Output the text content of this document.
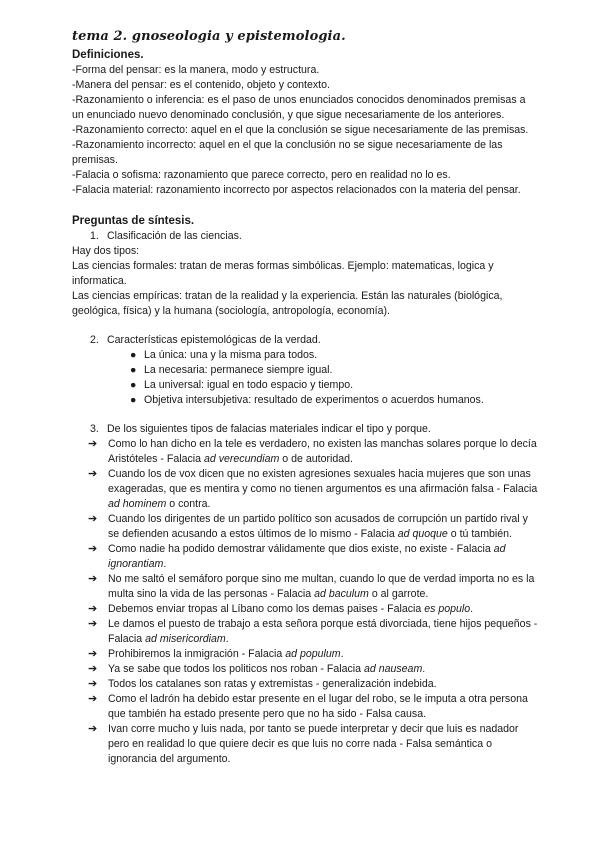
tema 2. gnoseologia y epistemologia.

Definiciones.

-Forma del pensar: es la manera, modo y estructura.

-Manera del pensar: es el contenido, objeto y contexto.

-Razonamiento o inferencia: es el paso de unos enunciados conocidos denominados premisas a

un enunciado nuevo denominado conclusión, y que sigue necesariamente de los anteriores.

-Razonamiento correcto: aquel en el que la conclusión se sigue necesariamente de las premisas.

-Razonamiento incorrecto: aquel en el que la conclusión no se sigue necesariamente de las

premisas.

-Falacia o sofisma: razonamiento que parece correcto, pero en realidad no lo es.

-Falacia material: razonamiento incorrecto por aspectos relacionados con la materia del pensar.

Preguntas de síntesis.

1. Clasificación de las ciencias.

Hay dos tipos:

Las ciencias formales: tratan de meras formas simbólicas. Ejemplo: matematicas, logica y

informatica.

Las ciencias empíricas: tratan de la realidad y la experiencia. Están las naturales (biológica,

geológica, física) y la humana (sociología, antropología, economía).

2. Características epistemológicas de la verdad.

● La única: una y la misma para todos.
● La necesaria: permanece siempre igual.
● La universal: igual en todo espacio y tiempo.
● Objetiva intersubjetiva: resultado de experimentos o acuerdos humanos.

3. De los siguientes tipos de falacias materiales indicar el tipo y porque.

➔ Como lo han dicho en la tele es verdadero, no existen las manchas solares porque lo decía
Aristóteles - Falacia ad verecundiam o de autoridad.
➔ Cuando los de vox dicen que no existen agresiones sexuales hacia mujeres que son unas
exageradas, que es mentira y como no tienen argumentos es una afirmación falsa - Falacia
ad hominem o contra.
➔ Cuando los dirigentes de un partido político son acusados de corrupción un partido rival y
se defienden acusando a estos últimos de lo mismo - Falacia ad quoque o tú también.
➔ Como nadie ha podido demostrar válidamente que dios existe, no existe - Falacia ad
ignorantiam.
➔ No me saltó el semáforo porque sino me multan, cuando lo que de verdad importa no es la
multa sino la vida de las personas - Falacia ad baculum o al garrote.
➔ Debemos enviar tropas al Líbano como los demas paises - Falacia es populo.
➔ Le damos el puesto de trabajo a esta señora porque está divorciada, tiene hijos pequeños -
Falacia ad misericordiam.
➔ Prohibiremos la inmigración - Falacia ad populum.
➔ Ya se sabe que todos los politicos nos roban - Falacia ad nauseam.
➔ Todos los catalanes son ratas y extremistas - generalización indebida.
➔ Como el ladrón ha debido estar presente en el lugar del robo, se le imputa a otra persona
que también ha estado presente pero que no ha sido - Falsa causa.
➔ Ivan corre mucho y luis nada, por tanto se puede interpretar y decir que luis es nadador
pero en realidad lo que quiere decir es que luis no corre nada - Falsa semántica o
ignorancia del argumento.
